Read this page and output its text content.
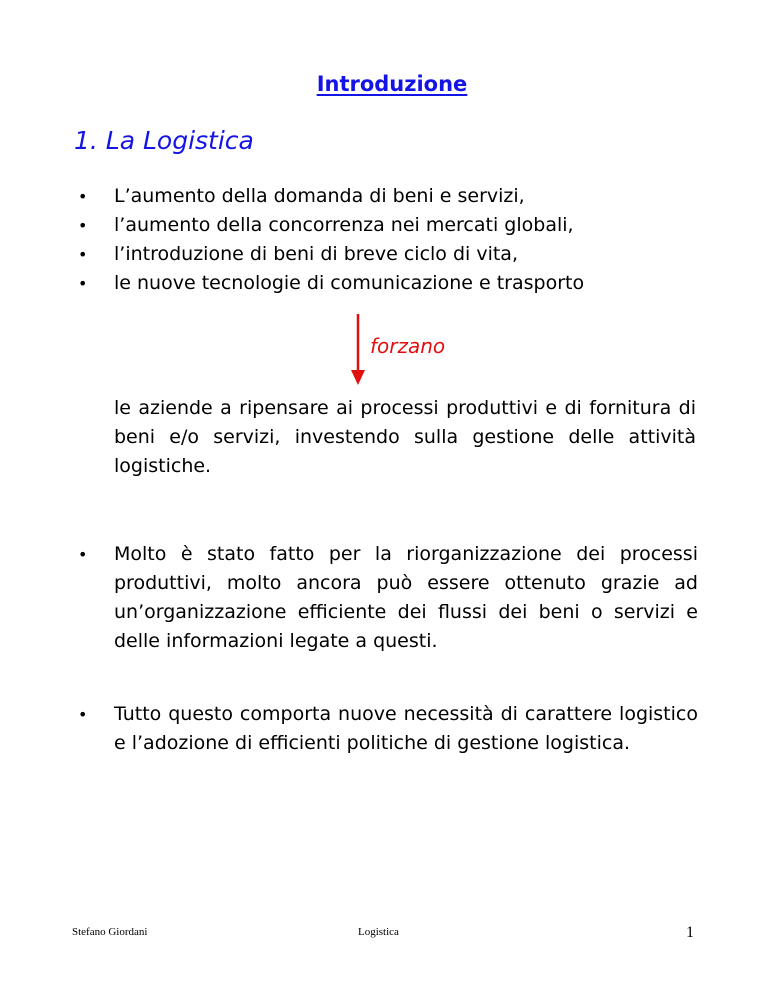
Introduzione
1. La Logistica
• L’aumento della domanda di beni e servizi,
• l’aumento della concorrenza nei mercati globali,
• l’introduzione di beni di breve ciclo di vita,
• le nuove tecnologie di comunicazione e trasporto
forzano

le aziende a ripensare ai processi produttivi e di fornitura di beni e/o servizi, investendo sulla gestione delle attività logistiche.

• Molto è stato fatto per la riorganizzazione dei processi produttivi, molto ancora può essere ottenuto grazie ad un’organizzazione efficiente dei flussi dei beni o servizi e delle informazioni legate a questi.
• Tutto questo comporta nuove necessità di carattere logistico e l’adozione di efficienti politiche di gestione logistica.
Stefano Giordani	Logistica	1
